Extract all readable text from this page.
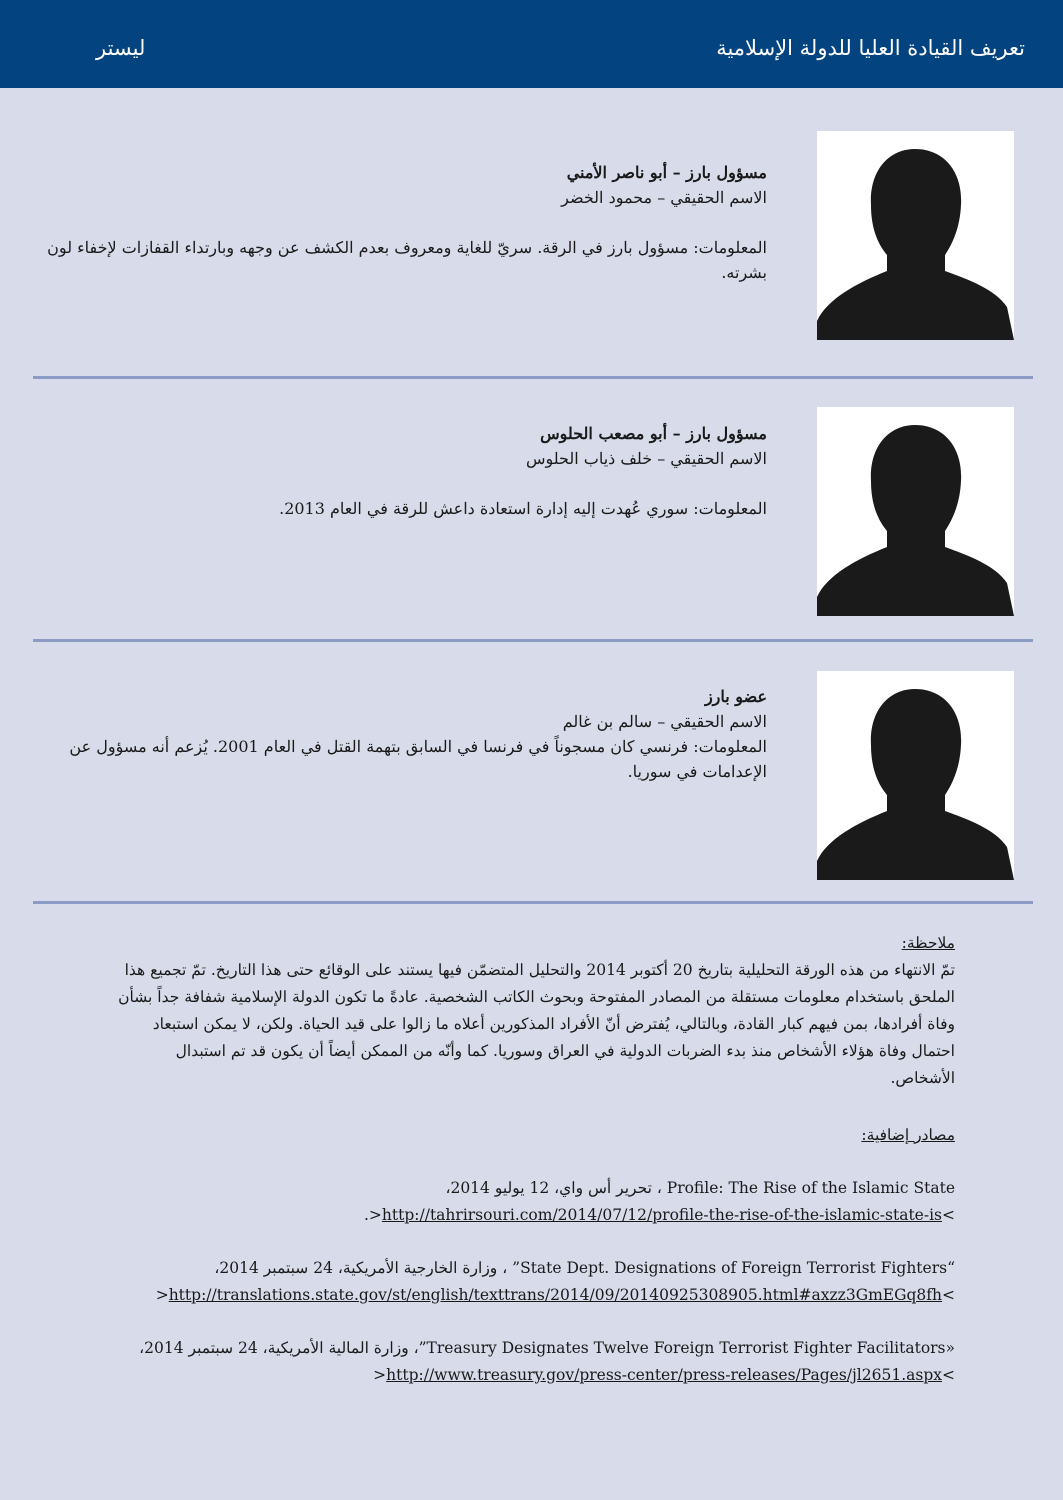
تعريف القيادة العليا للدولة الإسلامية
ليستر
مسؤول بارز – أبو ناصر الأمني
الاسم الحقيقي – محمود الخضر
المعلومات: مسؤول بارز في الرقة. سريّ للغاية ومعروف بعدم الكشف عن وجهه وبارتداء القفازات لإخفاء لون بشرته.
مسؤول بارز – أبو مصعب الحلوس
الاسم الحقيقي – خلف ذياب الحلوس
المعلومات: سوري عُهدت إليه إدارة استعادة داعش للرقة في العام 2013.
عضو بارز
الاسم الحقيقي – سالم بن غالم
المعلومات: فرنسي كان مسجوناً في فرنسا في السابق بتهمة القتل في العام 2001. يُزعم أنه مسؤول عن الإعدامات في سوريا.
ملاحظة:
تمّ الانتهاء من هذه الورقة التحليلية بتاريخ 20 أكتوبر 2014 والتحليل المتضمّن فيها يستند على الوقائع حتى هذا التاريخ. تمّ تجميع هذا الملحق باستخدام معلومات مستقلة من المصادر المفتوحة وبحوث الكاتب الشخصية. عادةً ما تكون الدولة الإسلامية شفافة جداً بشأن وفاة أفرادها، بمن فيهم كبار القادة، وبالتالي، يُفترض أنّ الأفراد المذكورين أعلاه ما زالوا على قيد الحياة. ولكن، لا يمكن استبعاد احتمال وفاة هؤلاء الأشخاص منذ بدء الضربات الدولية في العراق وسوريا. كما وأنّه من الممكن أيضاً أن يكون قد تم استبدال الأشخاص.
مصادر إضافية:
Profile: The Rise of the Islamic State ، تحرير أس واي، 12 يوليو 2014، >http://tahrirsouri.com/2014/07/12/profile-the-rise-of-the-islamic-state-is<.
“State Dept. Designations of Foreign Terrorist Fighters” ، وزارة الخارجية الأمريكية، 24 سبتمبر 2014، >http://translations.state.gov/st/english/texttrans/2014/09/20140925308905.html#axzz3GmEGq8fh<
«Treasury Designates Twelve Foreign Terrorist Fighter Facilitators”، وزارة المالية الأمريكية، 24 سبتمبر 2014، >http://www.treasury.gov/press-center/press-releases/Pages/jl2651.aspx<
